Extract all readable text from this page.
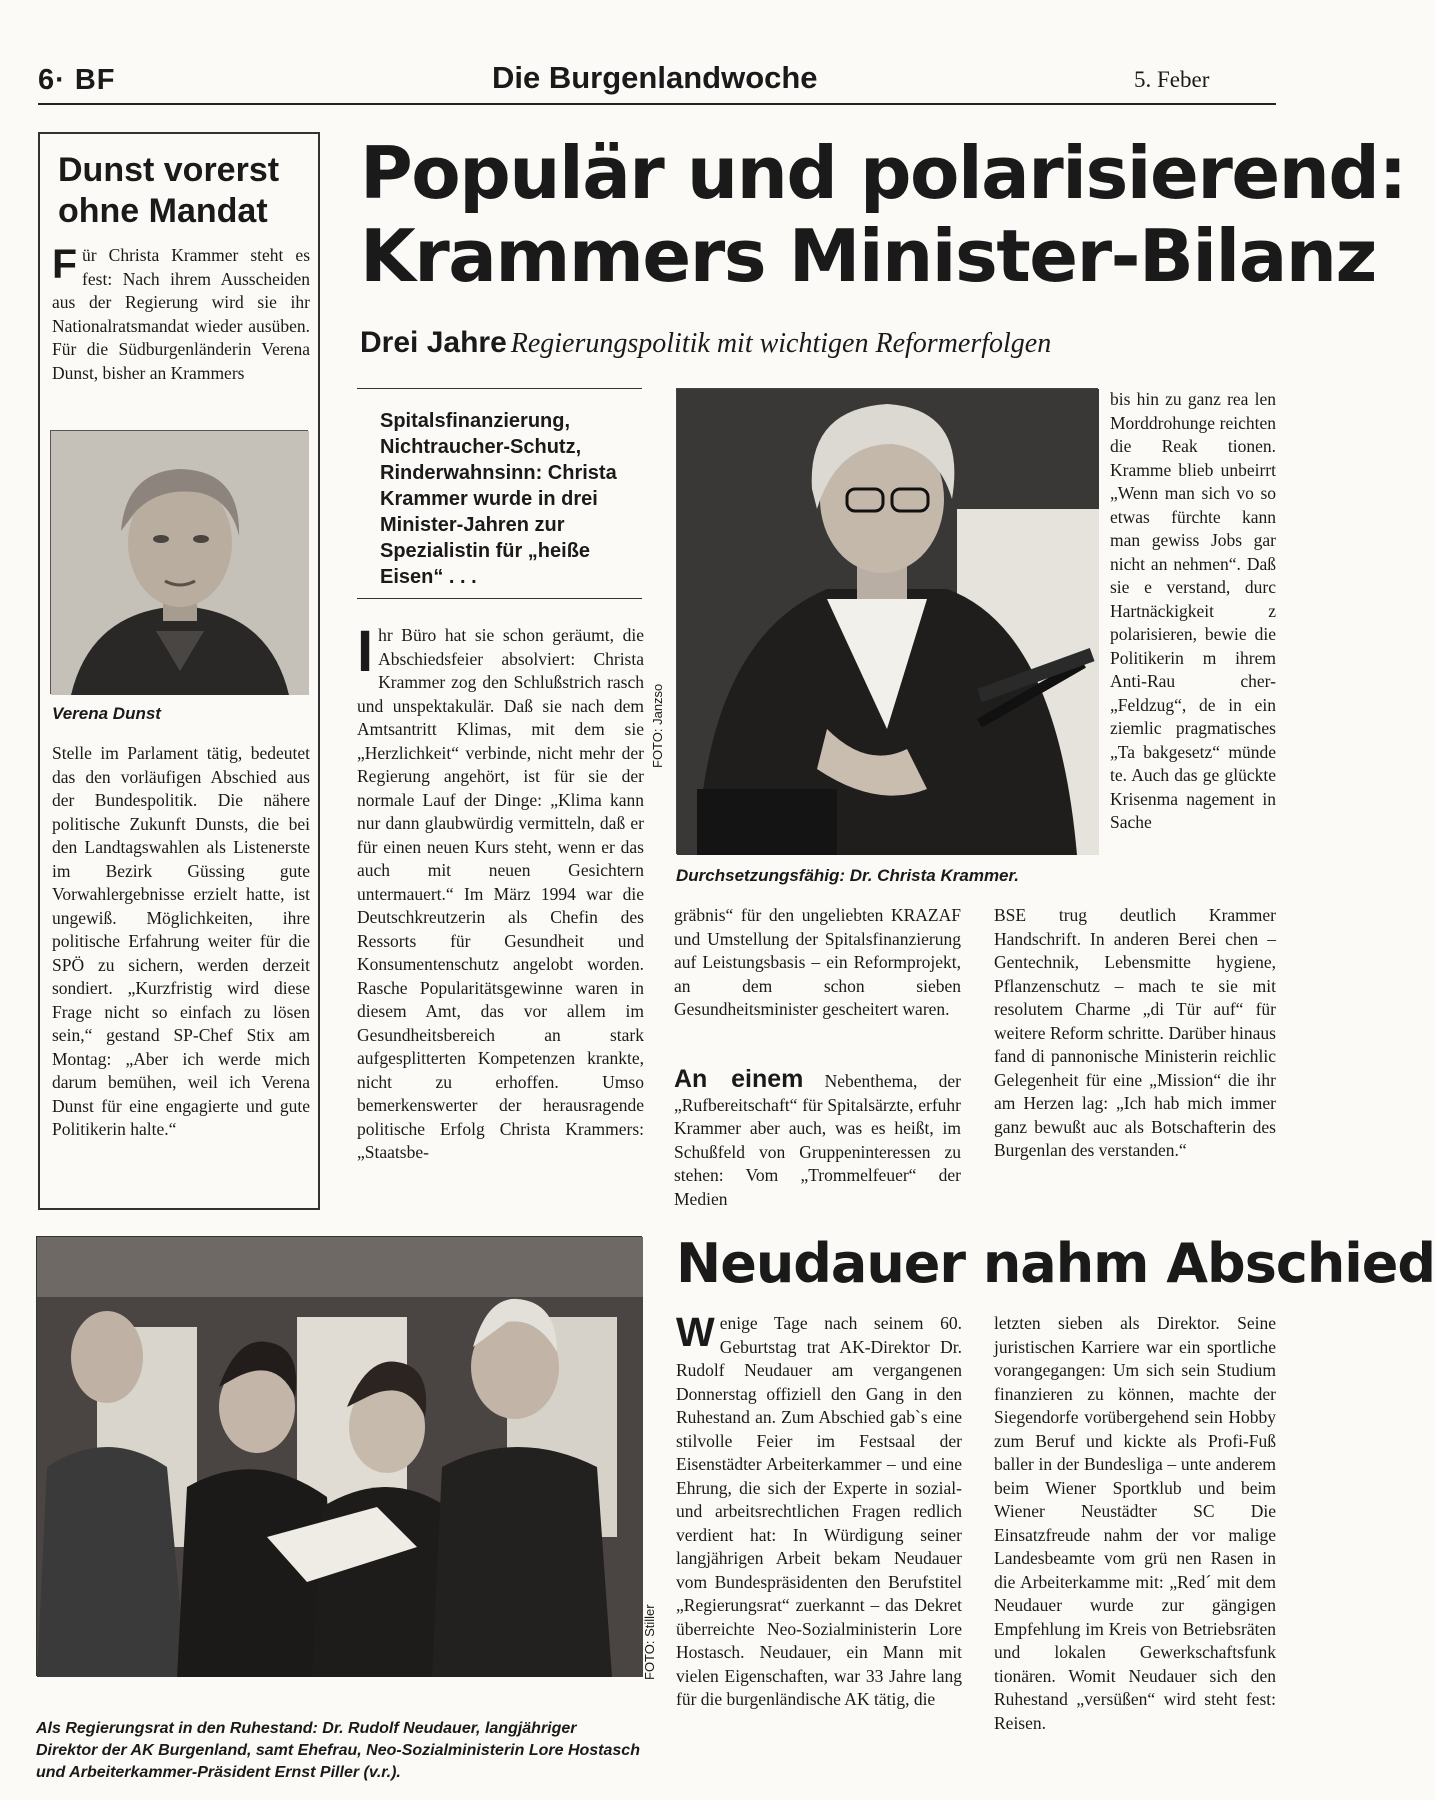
6· BF	Die Burgenlandwoche	5. Feber
Dunst vorerst ohne Mandat
Für Christa Krammer steht es fest: Nach ihrem Ausscheiden aus der Regierung wird sie ihr Nationalratsmandat wieder ausüben. Für die Südburgenländerin Verena Dunst, bisher an Krammers
Verena Dunst
Stelle im Parlament tätig, bedeutet das den vorläufigen Abschied aus der Bundespolitik. Die nähere politische Zukunft Dunsts, die bei den Landtagswahlen als Listenerste im Bezirk Güssing gute Vorwahlergebnisse erzielt hatte, ist ungewiß. Möglichkeiten, ihre politische Erfahrung weiter für die SPÖ zu sichern, werden derzeit sondiert. „Kurzfristig wird diese Frage nicht so einfach zu lösen sein,“ gestand SP-Chef Stix am Montag: „Aber ich werde mich darum bemühen, weil ich Verena Dunst für eine engagierte und gute Politikerin halte.“
Populär und polarisierend:
Krammers Minister-Bilanz
Drei Jahre Regierungspolitik mit wichtigen Reformerfolgen
Spitalsfinanzierung, Nichtraucher-Schutz, Rinderwahnsinn: Christa Krammer wurde in drei Minister-Jahren zur Spezialistin für „heiße Eisen“ . . .
Ihr Büro hat sie schon geräumt, die Abschiedsfeier absolviert: Christa Krammer zog den Schlußstrich rasch und unspektakulär. Daß sie nach dem Amtsantritt Klimas, mit dem sie „Herzlichkeit“ verbinde, nicht mehr der Regierung angehört, ist für sie der normale Lauf der Dinge: „Klima kann nur dann glaubwürdig vermitteln, daß er für einen neuen Kurs steht, wenn er das auch mit neuen Gesichtern untermauert.“ Im März 1994 war die Deutschkreutzerin als Chefin des Ressorts für Gesundheit und Konsumentenschutz angelobt worden. Rasche Popularitätsgewinne waren in diesem Amt, das vor allem im Gesundheitsbereich an stark aufgesplitterten Kompetenzen krankte, nicht zu erhoffen. Umso bemerkenswerter der herausragende politische Erfolg Christa Krammers: „Staatsbe-
FOTO: Janzso
Durchsetzungsfähig: Dr. Christa Krammer.
gräbnis“ für den ungeliebten KRAZAF und Umstellung der Spitalsfinanzierung auf Leistungsbasis – ein Reformprojekt, an dem schon sieben Gesundheitsminister gescheitert waren.
An einem Nebenthema, der „Rufbereitschaft“ für Spitalsärzte, erfuhr Krammer aber auch, was es heißt, im Schußfeld von Gruppeninteressen zu stehen: Vom „Trommelfeuer“ der Medien
bis hin zu ganz rea len Morddrohunge reichten die Reak tionen. Kramme blieb unbeirrt „Wenn man sich vo so etwas fürchte kann man gewiss Jobs gar nicht an nehmen“. Daß sie e verstand, durc Hartnäckigkeit z polarisieren, bewie die Politikerin m ihrem Anti-Rau cher-„Feldzug“, de in ein ziemlic pragmatisches „Ta bakgesetz“ münde te. Auch das ge glückte Krisenma nagement in Sache
BSE trug deutlich Krammer Handschrift. In anderen Berei chen – Gentechnik, Lebensmitte hygiene, Pflanzenschutz – mach te sie mit resolutem Charme „di Tür auf“ für weitere Reform schritte. Darüber hinaus fand di pannonische Ministerin reichlic Gelegenheit für eine „Mission“ die ihr am Herzen lag: „Ich hab mich immer ganz bewußt auc als Botschafterin des Burgenlan des verstanden.“
FOTO: Stiller
Als Regierungsrat in den Ruhestand: Dr. Rudolf Neudauer, langjähriger Direktor der AK Burgenland, samt Ehefrau, Neo-Sozialministerin Lore Hostasch und Arbeiterkammer-Präsident Ernst Piller (v.r.).
Neudauer nahm Abschied
Wenige Tage nach seinem 60. Geburtstag trat AK-Direktor Dr. Rudolf Neudauer am vergangenen Donnerstag offiziell den Gang in den Ruhestand an. Zum Abschied gab`s eine stilvolle Feier im Festsaal der Eisenstädter Arbeiterkammer – und eine Ehrung, die sich der Experte in sozial- und arbeitsrechtlichen Fragen redlich verdient hat: In Würdigung seiner langjährigen Arbeit bekam Neudauer vom Bundespräsidenten den Berufstitel „Regierungsrat“ zuerkannt – das Dekret überreichte Neo-Sozialministerin Lore Hostasch. Neudauer, ein Mann mit vielen Eigenschaften, war 33 Jahre lang für die burgenländische AK tätig, die
letzten sieben als Direktor. Seine juristischen Karriere war ein sportliche vorangegangen: Um sich sein Studium finanzieren zu können, machte der Siegendorfe vorübergehend sein Hobby zum Beruf und kickte als Profi-Fuß baller in der Bundesliga – unte anderem beim Wiener Sportklub und beim Wiener Neustädter SC Die Einsatzfreude nahm der vor malige Landesbeamte vom grü nen Rasen in die Arbeiterkamme mit: „Red´ mit dem Neudauer wurde zur gängigen Empfehlung im Kreis von Betriebsräten und lokalen Gewerkschaftsfunk tionären. Womit Neudauer sich den Ruhestand „versüßen“ wird steht fest: Reisen.
